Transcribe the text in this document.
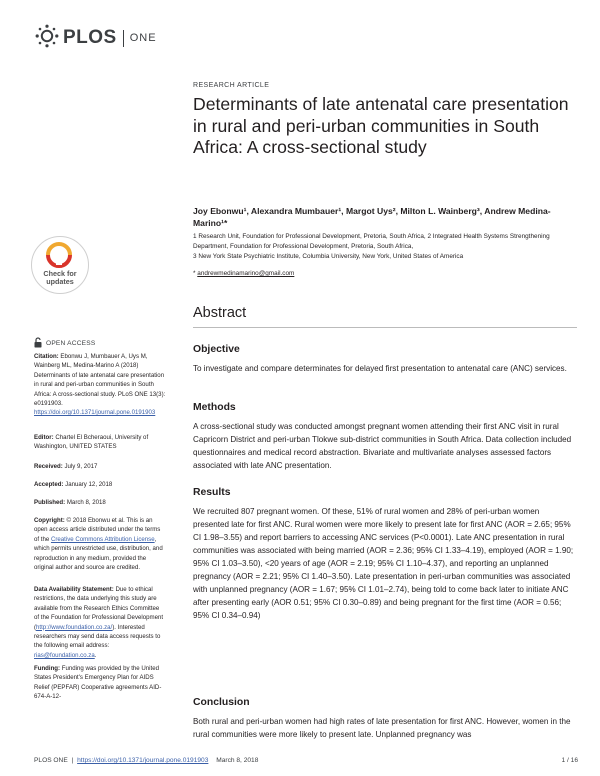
PLOS ONE
RESEARCH ARTICLE
Determinants of late antenatal care presentation in rural and peri-urban communities in South Africa: A cross-sectional study
Joy Ebonwu¹, Alexandra Mumbauer¹, Margot Uys², Milton L. Wainberg³, Andrew Medina-Marino¹*

1 Research Unit, Foundation for Professional Development, Pretoria, South Africa, 2 Integrated Health Systems Strengthening Department, Foundation for Professional Development, Pretoria, South Africa,

3 New York State Psychiatric Institute, Columbia University, New York, United States of America

* andrewmedinamarino@gmail.com
Abstract
Objective
To investigate and compare determinates for delayed first presentation to antenatal care (ANC) services.
Methods
A cross-sectional study was conducted amongst pregnant women attending their first ANC visit in rural Capricorn District and peri-urban Tlokwe sub-district communities in South Africa. Data collection included questionnaires and medical record abstraction. Bivariate and multivariate analyses assessed factors associated with late ANC presentation.
Results
We recruited 807 pregnant women. Of these, 51% of rural women and 28% of peri-urban women presented late for first ANC. Rural women were more likely to present late for first ANC (AOR = 2.65; 95% CI 1.98–3.55) and report barriers to accessing ANC services (P<0.0001). Late ANC presentation in rural communities was associated with being married (AOR = 2.36; 95% CI 1.33–4.19), employed (AOR = 1.90; 95% CI 1.03–3.50), <20 years of age (AOR = 2.19; 95% CI 1.10–4.37), and reporting an unplanned pregnancy (AOR = 2.21; 95% CI 1.40–3.50). Late presentation in peri-urban communities was associated with unplanned pregnancy (AOR = 1.67; 95% CI 1.01–2.74), being told to come back later to initiate ANC after presenting early (AOR 0.51; 95% CI 0.30–0.89) and being pregnant for the first time (AOR = 0.56; 95% CI 0.34–0.94)
Conclusion
Both rural and peri-urban women had high rates of late presentation for first ANC. However, women in the rural communities were more likely to present late. Unplanned pregnancy was
Check for
updates
OPEN ACCESS
Citation: Ebonwu J, Mumbauer A, Uys M, Wainberg ML, Medina-Marino A (2018) Determinants of late antenatal care presentation in rural and peri-urban communities in South Africa: A cross-sectional study. PLoS ONE 13(3): e0191903. https://doi.org/10.1371/journal.pone.0191903
Editor: Chartel El Bcheraoui, University of Washington, UNITED STATES
Received: July 9, 2017
Accepted: January 12, 2018
Published: March 8, 2018
Copyright: © 2018 Ebonwu et al. This is an open access article distributed under the terms of the Creative Commons Attribution License, which permits unrestricted use, distribution, and reproduction in any medium, provided the original author and source are credited.
Data Availability Statement: Due to ethical restrictions, the data underlying this study are available from the Research Ethics Committee of the Foundation for Professional Development (http://www.foundation.co.za/). Interested researchers may send data access requests to the following email address: rias@foundation.co.za.
Funding: Funding was provided by the United States President's Emergency Plan for AIDS Relief (PEPFAR) Cooperative agreements AID-674-A-12-
PLOS ONE | https://doi.org/10.1371/journal.pone.0191903 March 8, 2018	1 / 16
